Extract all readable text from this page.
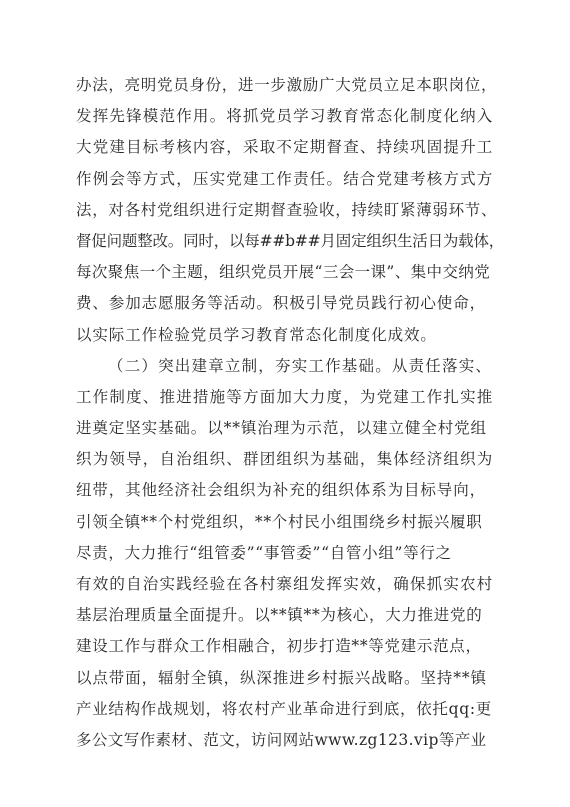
办法，亮明党员身份，进一步激励广大党员立足本职岗位，
发挥先锋模范作用。将抓党员学习教育常态化制度化纳入
大党建目标考核内容，采取不定期督查、持续巩固提升工
作例会等方式，压实党建工作责任。结合党建考核方式方
法，对各村党组织进行定期督查验收，持续盯紧薄弱环节、
督促问题整改。同时，以每##b##月固定组织生活日为载体，
每次聚焦一个主题，组织党员开展“三会一课”、集中交纳党
费、参加志愿服务等活动。积极引导党员践行初心使命，
以实际工作检验党员学习教育常态化制度化成效。
（二）突出建章立制，夯实工作基础。从责任落实、
工作制度、推进措施等方面加大力度，为党建工作扎实推
进奠定坚实基础。以**镇治理为示范，以建立健全村党组
织为领导，自治组织、群团组织为基础，集体经济组织为
纽带，其他经济社会组织为补充的组织体系为目标导向，
引领全镇**个村党组织，**个村民小组围绕乡村振兴履职
尽责，大力推行“组管委”“事管委”“自管小组”等行之
有效的自治实践经验在各村寨组发挥实效，确保抓实农村
基层治理质量全面提升。以**镇**为核心，大力推进党的
建设工作与群众工作相融合，初步打造**等党建示范点，
以点带面，辐射全镇，纵深推进乡村振兴战略。坚持**镇
产业结构作战规划，将农村产业革命进行到底，依托qq:更
多公文写作素材、范文，访问网站www.zg123.vip等产业
